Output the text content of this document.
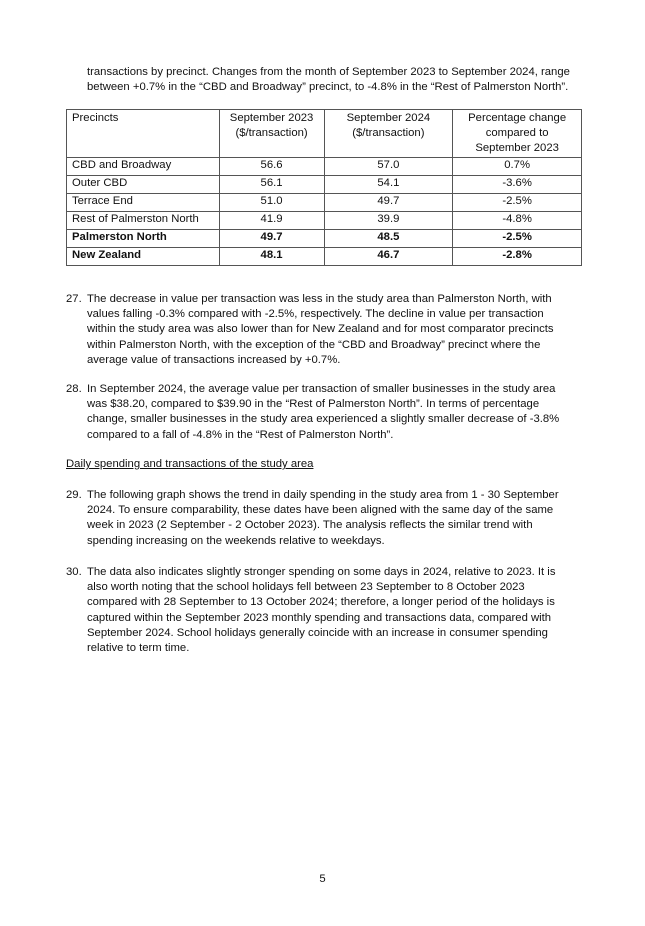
transactions by precinct. Changes from the month of September 2023 to September 2024, range between +0.7% in the “CBD and Broadway” precinct, to -4.8% in the “Rest of Palmerston North”.

Precincts	September 2023 ($/transaction)	September 2024 ($/transaction)	Percentage change compared to September 2023
CBD and Broadway	56.6	57.0	0.7%
Outer CBD	56.1	54.1	-3.6%
Terrace End	51.0	49.7	-2.5%
Rest of Palmerston North	41.9	39.9	-4.8%
Palmerston North	49.7	48.5	-2.5%
New Zealand	48.1	46.7	-2.8%
27. The decrease in value per transaction was less in the study area than Palmerston North, with values falling -0.3% compared with -2.5%, respectively. The decline in value per transaction within the study area was also lower than for New Zealand and for most comparator precincts within Palmerston North, with the exception of the “CBD and Broadway” precinct where the average value of transactions increased by +0.7%.
28. In September 2024, the average value per transaction of smaller businesses in the study area was $38.20, compared to $39.90 in the “Rest of Palmerston North”. In terms of percentage change, smaller businesses in the study area experienced a slightly smaller decrease of -3.8% compared to a fall of -4.8% in the “Rest of Palmerston North”.

Daily spending and transactions of the study area

29. The following graph shows the trend in daily spending in the study area from 1 - 30 September 2024. To ensure comparability, these dates have been aligned with the same day of the same week in 2023 (2 September - 2 October 2023). The analysis reflects the similar trend with spending increasing on the weekends relative to weekdays.
30. The data also indicates slightly stronger spending on some days in 2024, relative to 2023. It is also worth noting that the school holidays fell between 23 September to 8 October 2023 compared with 28 September to 13 October 2024; therefore, a longer period of the holidays is captured within the September 2023 monthly spending and transactions data, compared with September 2024. School holidays generally coincide with an increase in consumer spending relative to term time.
5
